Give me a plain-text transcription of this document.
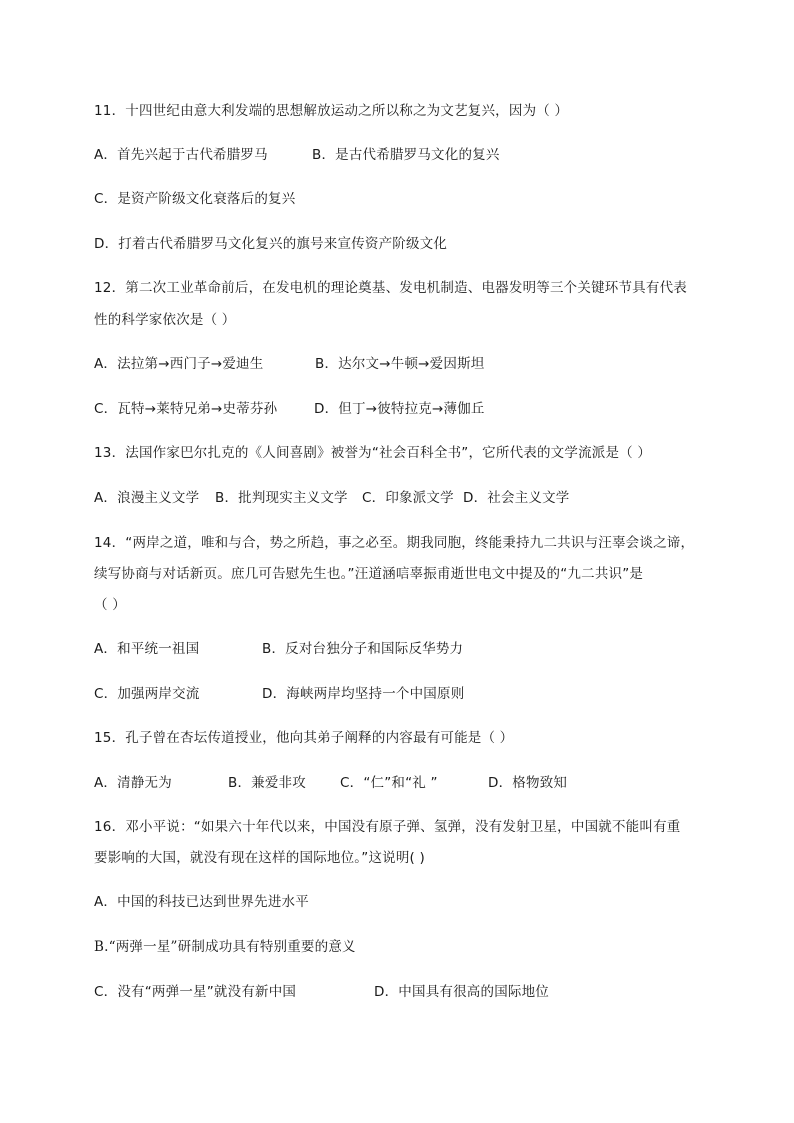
11．十四世纪由意大利发端的思想解放运动之所以称之为文艺复兴，因为（ ）
A．首先兴起于古代希腊罗马	B．是古代希腊罗马文化的复兴
C．是资产阶级文化衰落后的复兴
D．打着古代希腊罗马文化复兴的旗号来宣传资产阶级文化
12．第二次工业革命前后，在发电机的理论奠基、发电机制造、电器发明等三个关键环节具有代表
性的科学家依次是（ ）
A．法拉第→西门子→爱迪生	B．达尔文→牛顿→爱因斯坦
C．瓦特→莱特兄弟→史蒂芬孙	D．但丁→彼特拉克→薄伽丘
13．法国作家巴尔扎克的《人间喜剧》被誉为“社会百科全书”，它所代表的文学流派是（ ）
A．浪漫主义文学 B．批判现实主义文学 C．印象派文学 D．社会主义文学
14．“两岸之道，唯和与合，势之所趋，事之必至。期我同胞，终能秉持九二共识与汪辜会谈之谛，
续写协商与对话新页。庶几可告慰先生也。”汪道涵唁辜振甫逝世电文中提及的“九二共识”是
（ ）
A．和平统一祖国	B．反对台独分子和国际反华势力
C．加强两岸交流	D．海峡两岸均坚持一个中国原则
15．孔子曾在杏坛传道授业，他向其弟子阐释的内容最有可能是（ ）
A．清静无为	B．兼爱非攻	C．“仁”和“礼 ”	D．格物致知
16．邓小平说：“如果六十年代以来，中国没有原子弹、氢弹，没有发射卫星，中国就不能叫有重
要影响的大国，就没有现在这样的国际地位。”这说明( )
A．中国的科技已达到世界先进水平
B.“两弹一星”研制成功具有特别重要的意义
C．没有“两弹一星”就没有新中国	D．中国具有很高的国际地位
